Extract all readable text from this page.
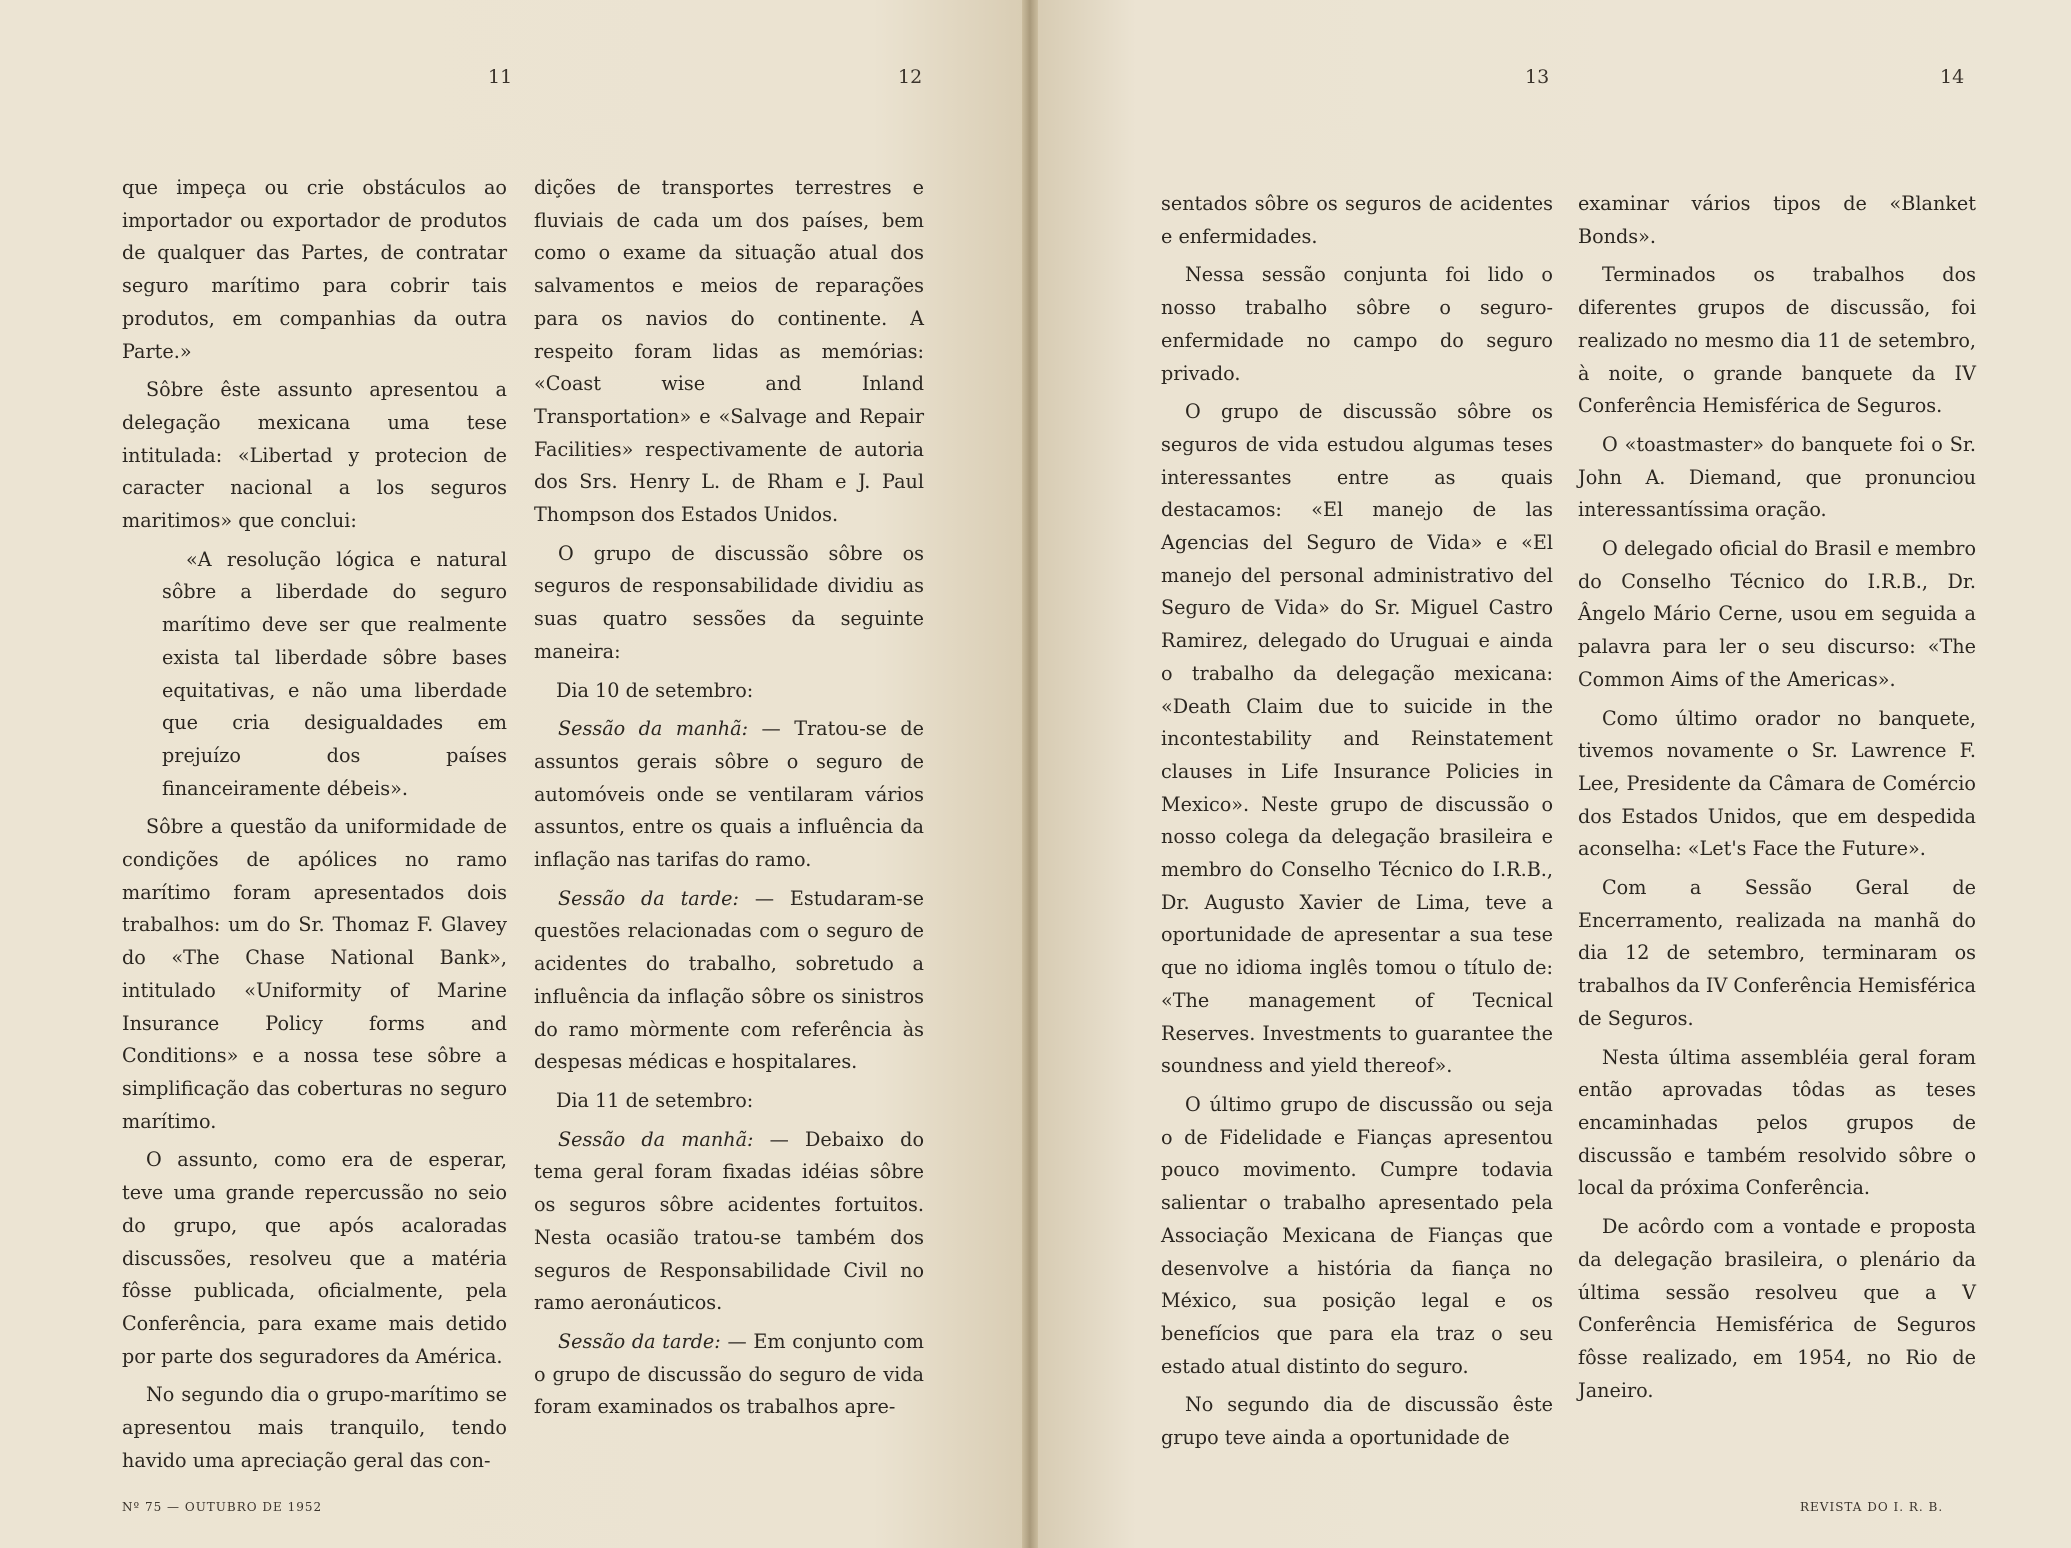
11	12	13	14

que impeça ou crie obstáculos ao importador ou exportador de produtos de qualquer das Partes, de contratar seguro marítimo para cobrir tais produtos, em companhias da outra Parte.»

Sôbre êste assunto apresentou a delegação mexicana uma tese intitulada: «Libertad y protecion de caracter nacional a los seguros maritimos» que conclui:

«A resolução lógica e natural sôbre a liberdade do seguro marítimo deve ser que realmente exista tal liberdade sôbre bases equitativas, e não uma liberdade que cria desigualdades em prejuízo dos países financeiramente débeis».

Sôbre a questão da uniformidade de condições de apólices no ramo marítimo foram apresentados dois trabalhos: um do Sr. Thomaz F. Glavey do «The Chase National Bank», intitulado «Uniformity of Marine Insurance Policy forms and Conditions» e a nossa tese sôbre a simplificação das coberturas no seguro marítimo.

O assunto, como era de esperar, teve uma grande repercussão no seio do grupo, que após acaloradas discussões, resolveu que a matéria fôsse publicada, oficialmente, pela Conferência, para exame mais detido por parte dos seguradores da América.

No segundo dia o grupo-marítimo se apresentou mais tranquilo, tendo havido uma apreciação geral das con-

dições de transportes terrestres e fluviais de cada um dos países, bem como o exame da situação atual dos salvamentos e meios de reparações para os navios do continente. A respeito foram lidas as memórias: «Coast wise and Inland Transportation» e «Salvage and Repair Facilities» respectivamente de autoria dos Srs. Henry L. de Rham e J. Paul Thompson dos Estados Unidos.

O grupo de discussão sôbre os seguros de responsabilidade dividiu as suas quatro sessões da seguinte maneira:

Dia 10 de setembro:

Sessão da manhã: — Tratou-se de assuntos gerais sôbre o seguro de automóveis onde se ventilaram vários assuntos, entre os quais a influência da inflação nas tarifas do ramo.

Sessão da tarde: — Estudaram-se questões relacionadas com o seguro de acidentes do trabalho, sobretudo a influência da inflação sôbre os sinistros do ramo mòrmente com referência às despesas médicas e hospitalares.

Dia 11 de setembro:

Sessão da manhã: — Debaixo do tema geral foram fixadas idéias sôbre os seguros sôbre acidentes fortuitos. Nesta ocasião tratou-se também dos seguros de Responsabilidade Civil no ramo aeronáuticos.

Sessão da tarde: — Em conjunto com o grupo de discussão do seguro de vida foram examinados os trabalhos apre-

sentados sôbre os seguros de acidentes e enfermidades.

Nessa sessão conjunta foi lido o nosso trabalho sôbre o seguro-enfermidade no campo do seguro privado.

O grupo de discussão sôbre os seguros de vida estudou algumas teses interessantes entre as quais destacamos: «El manejo de las Agencias del Seguro de Vida» e «El manejo del personal administrativo del Seguro de Vida» do Sr. Miguel Castro Ramirez, delegado do Uruguai e ainda o trabalho da delegação mexicana: «Death Claim due to suicide in the incontestability and Reinstatement clauses in Life Insurance Policies in Mexico». Neste grupo de discussão o nosso colega da delegação brasileira e membro do Conselho Técnico do I.R.B., Dr. Augusto Xavier de Lima, teve a oportunidade de apresentar a sua tese que no idioma inglês tomou o título de: «The management of Tecnical Reserves. Investments to guarantee the soundness and yield thereof».

O último grupo de discussão ou seja o de Fidelidade e Fianças apresentou pouco movimento. Cumpre todavia salientar o trabalho apresentado pela Associação Mexicana de Fianças que desenvolve a história da fiança no México, sua posição legal e os benefícios que para ela traz o seu estado atual distinto do seguro.

No segundo dia de discussão êste grupo teve ainda a oportunidade de

examinar vários tipos de «Blanket Bonds».

Terminados os trabalhos dos diferentes grupos de discussão, foi realizado no mesmo dia 11 de setembro, à noite, o grande banquete da IV Conferência Hemisférica de Seguros.

O «toastmaster» do banquete foi o Sr. John A. Diemand, que pronunciou interessantíssima oração.

O delegado oficial do Brasil e membro do Conselho Técnico do I.R.B., Dr. Ângelo Mário Cerne, usou em seguida a palavra para ler o seu discurso: «The Common Aims of the Americas».

Como último orador no banquete, tivemos novamente o Sr. Lawrence F. Lee, Presidente da Câmara de Comércio dos Estados Unidos, que em despedida aconselha: «Let's Face the Future».

Com a Sessão Geral de Encerramento, realizada na manhã do dia 12 de setembro, terminaram os trabalhos da IV Conferência Hemisférica de Seguros.

Nesta última assembléia geral foram então aprovadas tôdas as teses encaminhadas pelos grupos de discussão e também resolvido sôbre o local da próxima Conferência.

De acôrdo com a vontade e proposta da delegação brasileira, o plenário da última sessão resolveu que a V Conferência Hemisférica de Seguros fôsse realizado, em 1954, no Rio de Janeiro.

Nº 75 — OUTUBRO DE 1952	REVISTA DO I. R. B.
